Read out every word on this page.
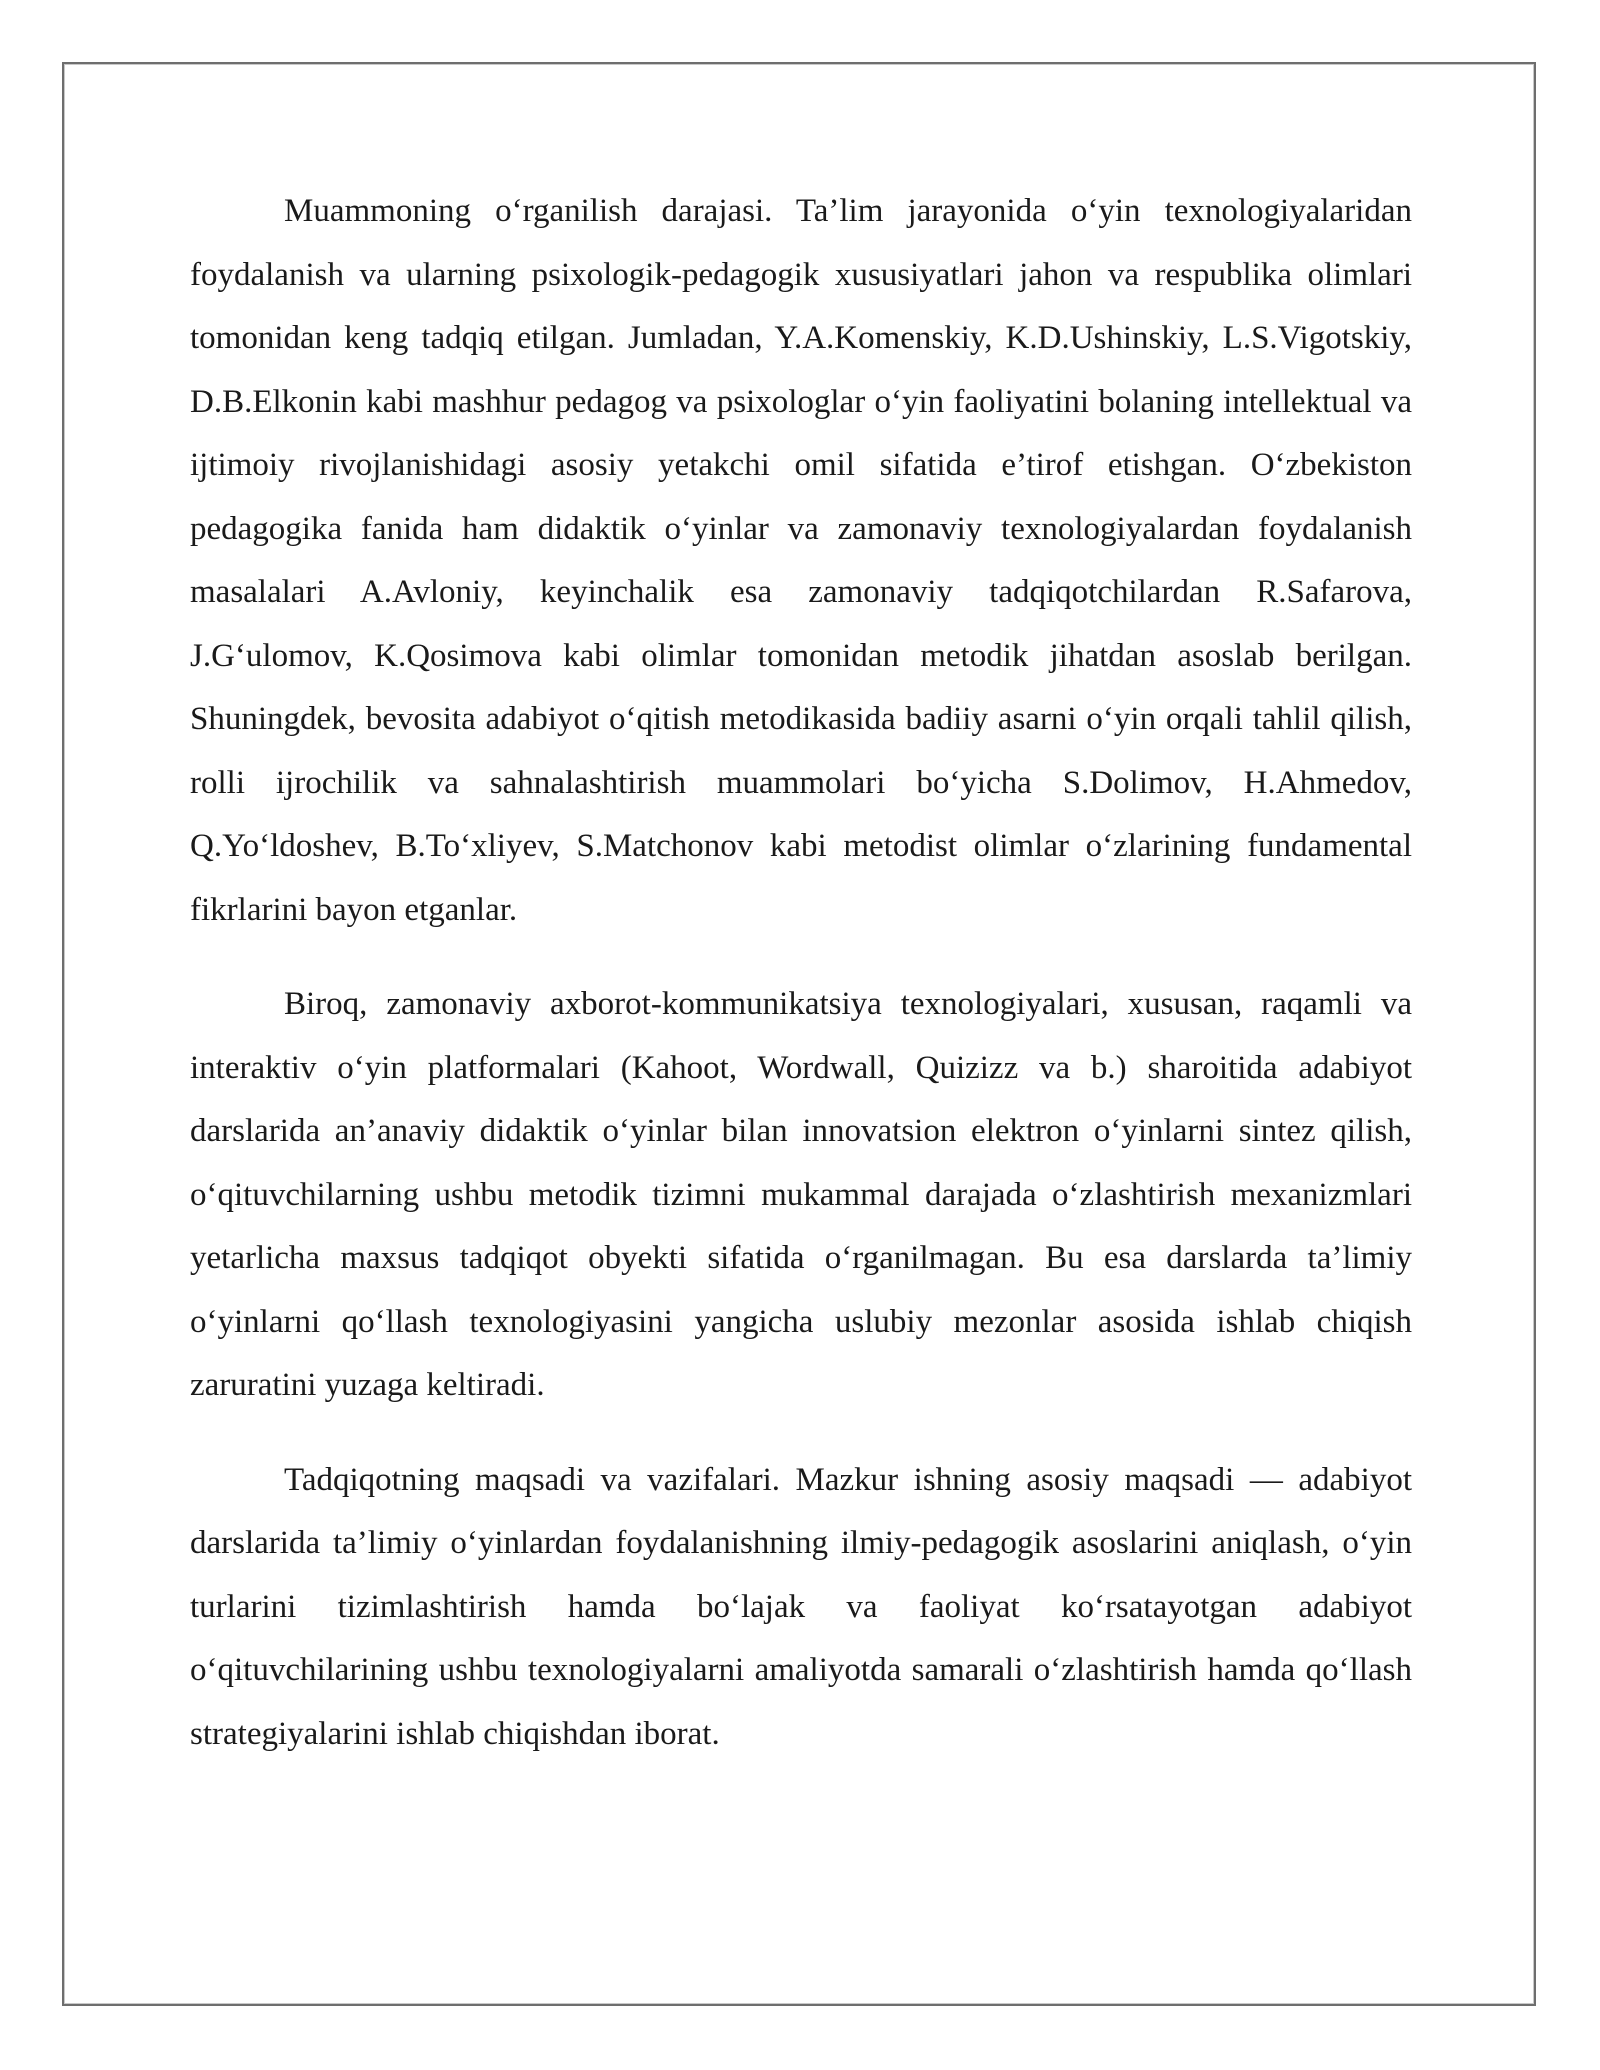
Muammoning o‘rganilish darajasi. Ta’lim jarayonida o‘yin texnologiyalaridan foydalanish va ularning psixologik-pedagogik xususiyatlari jahon va respublika olimlari tomonidan keng tadqiq etilgan. Jumladan, Y.A.Komenskiy, K.D.Ushinskiy, L.S.Vigotskiy, D.B.Elkonin kabi mashhur pedagog va psixologlar o‘yin faoliyatini bolaning intellektual va ijtimoiy rivojlanishidagi asosiy yetakchi omil sifatida e’tirof etishgan. O‘zbekiston pedagogika fanida ham didaktik o‘yinlar va zamonaviy texnologiyalardan foydalanish masalalari A.Avloniy, keyinchalik esa zamonaviy tadqiqotchilardan R.Safarova, J.G‘ulomov, K.Qosimova kabi olimlar tomonidan metodik jihatdan asoslab berilgan. Shuningdek, bevosita adabiyot o‘qitish metodikasida badiiy asarni o‘yin orqali tahlil qilish, rolli ijrochilik va sahnalashtirish muammolari bo‘yicha S.Dolimov, H.Ahmedov, Q.Yo‘ldoshev, B.To‘xliyev, S.Matchonov kabi metodist olimlar o‘zlarining fundamental fikrlarini bayon etganlar.

Biroq, zamonaviy axborot-kommunikatsiya texnologiyalari, xususan, raqamli va interaktiv o‘yin platformalari (Kahoot, Wordwall, Quizizz va b.) sharoitida adabiyot darslarida an’anaviy didaktik o‘yinlar bilan innovatsion elektron o‘yinlarni sintez qilish, o‘qituvchilarning ushbu metodik tizimni mukammal darajada o‘zlashtirish mexanizmlari yetarlicha maxsus tadqiqot obyekti sifatida o‘rganilmagan. Bu esa darslarda ta’limiy o‘yinlarni qo‘llash texnologiyasini yangicha uslubiy mezonlar asosida ishlab chiqish zaruratini yuzaga keltiradi.

Tadqiqotning maqsadi va vazifalari. Mazkur ishning asosiy maqsadi — adabiyot darslarida ta’limiy o‘yinlardan foydalanishning ilmiy-pedagogik asoslarini aniqlash, o‘yin turlarini tizimlashtirish hamda bo‘lajak va faoliyat ko‘rsatayotgan adabiyot o‘qituvchilarining ushbu texnologiyalarni amaliyotda samarali o‘zlashtirish hamda qo‘llash strategiyalarini ishlab chiqishdan iborat.
